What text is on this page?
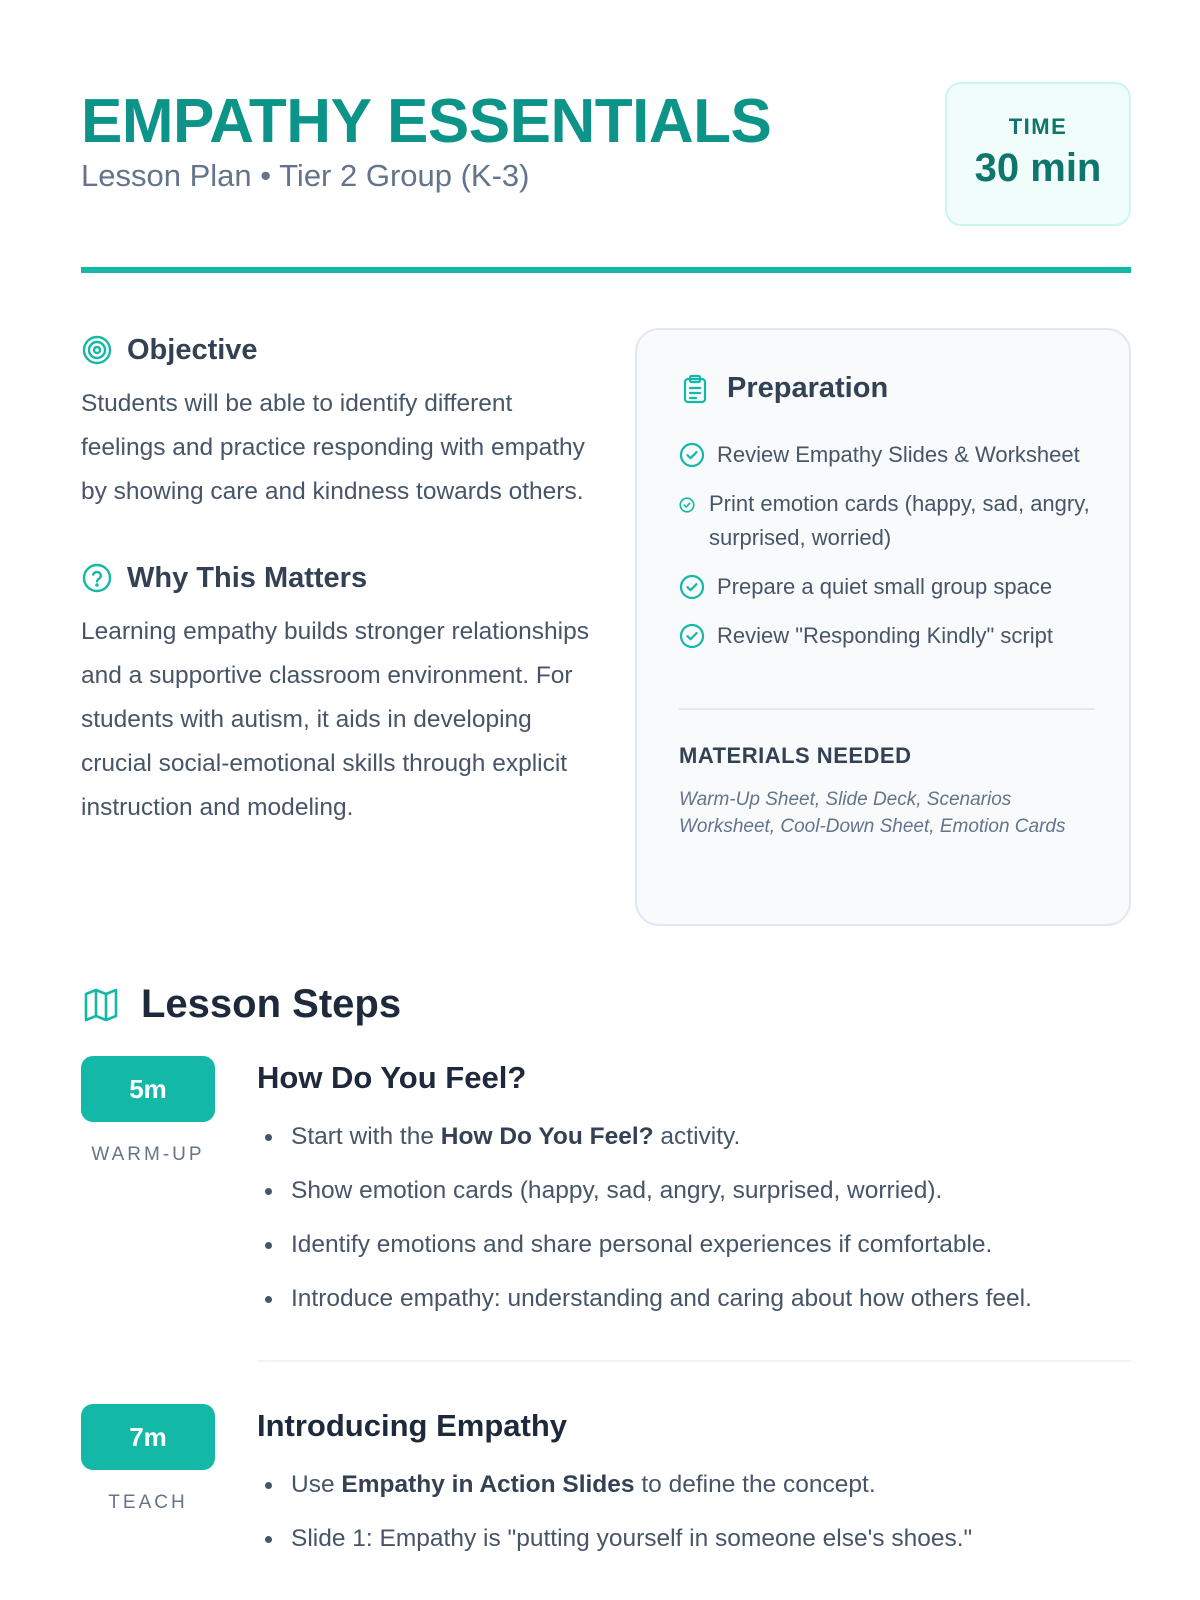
EMPATHY ESSENTIALS
Lesson Plan • Tier 2 Group (K-3)
TIME
30 min
Objective

Students will be able to identify different feelings and practice responding with empathy by showing care and kindness towards others.

Why This Matters

Learning empathy builds stronger relationships and a supportive classroom environment. For students with autism, it aids in developing crucial social-emotional skills through explicit instruction and modeling.

Preparation
Review Empathy Slides & Worksheet
Print emotion cards (happy, sad, angry, surprised, worried)
Prepare a quiet small group space
Review "Responding Kindly" script
MATERIALS NEEDED
Warm-Up Sheet, Slide Deck, Scenarios Worksheet, Cool-Down Sheet, Emotion Cards
Lesson Steps
5m
WARM-UP
How Do You Feel?
Start with the How Do You Feel? activity.
Show emotion cards (happy, sad, angry, surprised, worried).
Identify emotions and share personal experiences if comfortable.
Introduce empathy: understanding and caring about how others feel.
7m
TEACH
Introducing Empathy
Use Empathy in Action Slides to define the concept.
Slide 1: Empathy is "putting yourself in someone else's shoes."
